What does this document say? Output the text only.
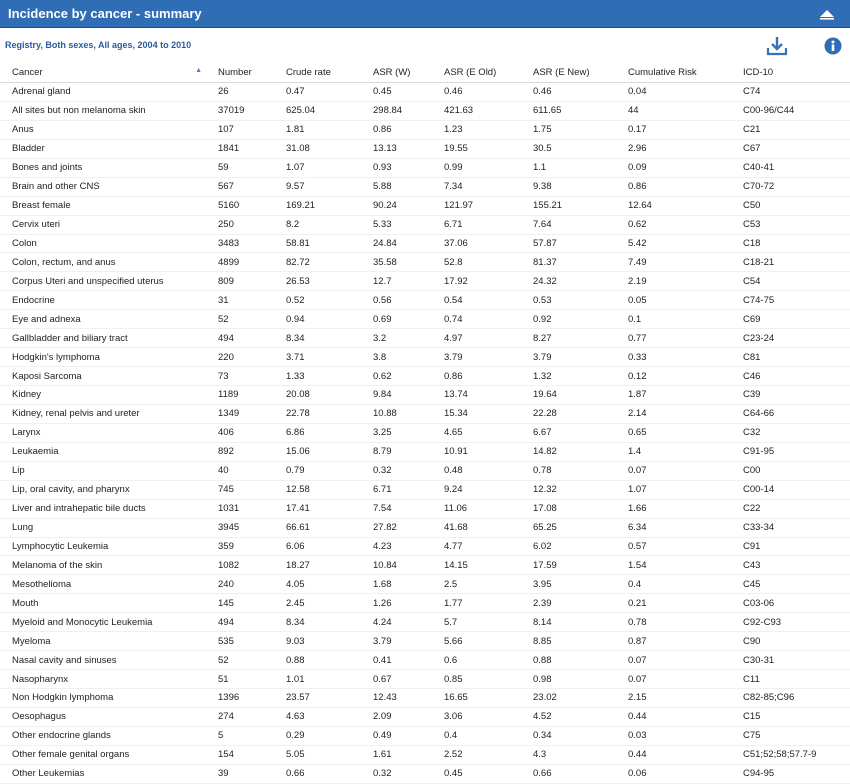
Incidence by cancer - summary
Registry, Both sexes, All ages, 2004 to 2010
Cancer ▲	Number	Crude rate	ASR (W)	ASR (E Old)	ASR (E New)	Cumulative Risk	ICD-10
Adrenal gland	26	0.47	0.45	0.46	0.46	0.04	C74
All sites but non melanoma skin	37019	625.04	298.84	421.63	611.65	44	C00-96/C44
Anus	107	1.81	0.86	1.23	1.75	0.17	C21
Bladder	1841	31.08	13.13	19.55	30.5	2.96	C67
Bones and joints	59	1.07	0.93	0.99	1.1	0.09	C40-41
Brain and other CNS	567	9.57	5.88	7.34	9.38	0.86	C70-72
Breast female	5160	169.21	90.24	121.97	155.21	12.64	C50
Cervix uteri	250	8.2	5.33	6.71	7.64	0.62	C53
Colon	3483	58.81	24.84	37.06	57.87	5.42	C18
Colon, rectum, and anus	4899	82.72	35.58	52.8	81.37	7.49	C18-21
Corpus Uteri and unspecified uterus	809	26.53	12.7	17.92	24.32	2.19	C54
Endocrine	31	0.52	0.56	0.54	0.53	0.05	C74-75
Eye and adnexa	52	0.94	0.69	0.74	0.92	0.1	C69
Gallbladder and biliary tract	494	8.34	3.2	4.97	8.27	0.77	C23-24
Hodgkin's lymphoma	220	3.71	3.8	3.79	3.79	0.33	C81
Kaposi Sarcoma	73	1.33	0.62	0.86	1.32	0.12	C46
Kidney	1189	20.08	9.84	13.74	19.64	1.87	C39
Kidney, renal pelvis and ureter	1349	22.78	10.88	15.34	22.28	2.14	C64-66
Larynx	406	6.86	3.25	4.65	6.67	0.65	C32
Leukaemia	892	15.06	8.79	10.91	14.82	1.4	C91-95
Lip	40	0.79	0.32	0.48	0.78	0.07	C00
Lip, oral cavity, and pharynx	745	12.58	6.71	9.24	12.32	1.07	C00-14
Liver and intrahepatic bile ducts	1031	17.41	7.54	11.06	17.08	1.66	C22
Lung	3945	66.61	27.82	41.68	65.25	6.34	C33-34
Lymphocytic Leukemia	359	6.06	4.23	4.77	6.02	0.57	C91
Melanoma of the skin	1082	18.27	10.84	14.15	17.59	1.54	C43
Mesothelioma	240	4.05	1.68	2.5	3.95	0.4	C45
Mouth	145	2.45	1.26	1.77	2.39	0.21	C03-06
Myeloid and Monocytic Leukemia	494	8.34	4.24	5.7	8.14	0.78	C92-C93
Myeloma	535	9.03	3.79	5.66	8.85	0.87	C90
Nasal cavity and sinuses	52	0.88	0.41	0.6	0.88	0.07	C30-31
Nasopharynx	51	1.01	0.67	0.85	0.98	0.07	C11
Non Hodgkin lymphoma	1396	23.57	12.43	16.65	23.02	2.15	C82-85;C96
Oesophagus	274	4.63	2.09	3.06	4.52	0.44	C15
Other endocrine glands	5	0.29	0.49	0.4	0.34	0.03	C75
Other female genital organs	154	5.05	1.61	2.52	4.3	0.44	C51;52;58;57.7-9
Other Leukemias	39	0.66	0.32	0.45	0.66	0.06	C94-95
